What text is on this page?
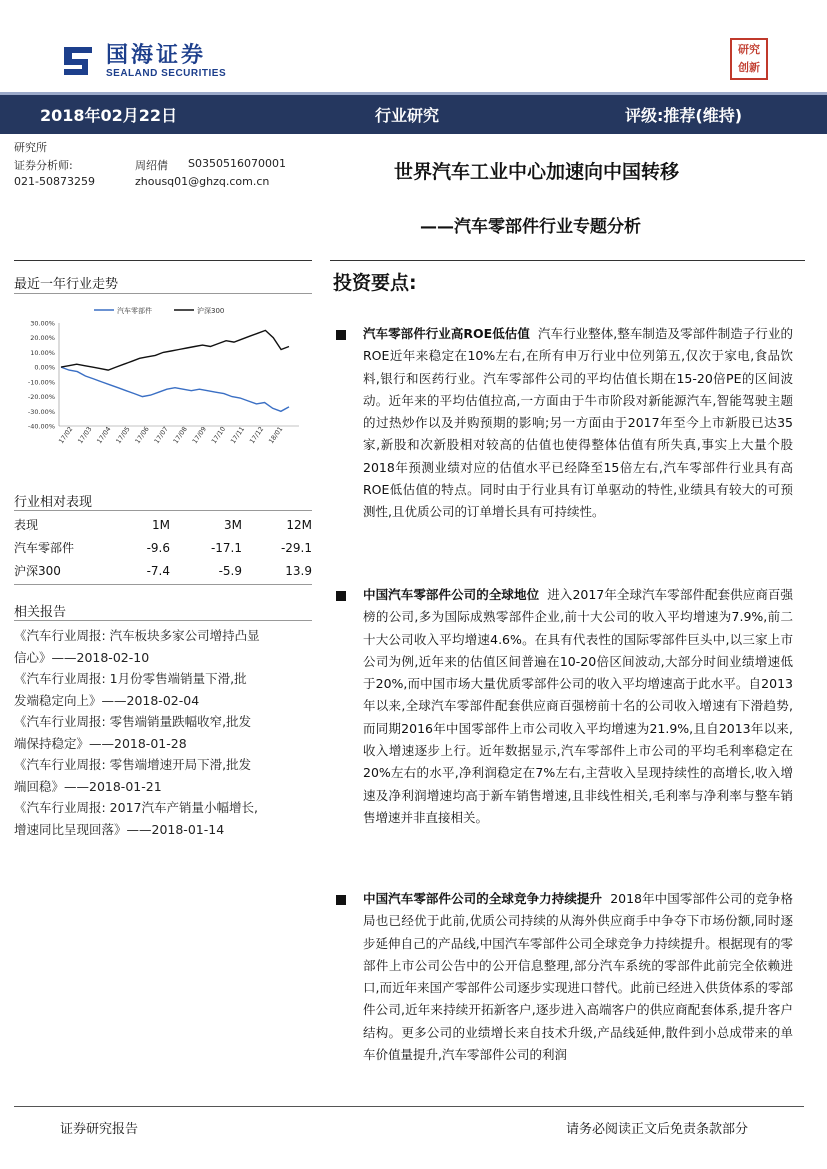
国海证券
SEALAND SECURITIES
研究
创新
2018年02月22日	行业研究	评级:推荐(维持)
研究所
证券分析师:	周绍倩 S0350516070001
021-50873259	zhousq01@ghzq.com.cn	世界汽车工业中心加速向中国转移
——汽车零部件行业专题分析
最近一年行业走势
汽车零部件	沪深300
30.00%
20.00%
10.00%
0.00%
-10.00%
-20.00%
-30.00%
-40.00% 17/02 17/03 17/04 17/05 17/06 17/07 17/08 17/09 17/10 17/11 17/12 18/01
行业相对表现
表现	1M	3M	12M
汽车零部件	-9.6	-17.1	-29.1
沪深300	-7.4	-5.9	13.9
相关报告
《汽车行业周报: 汽车板块多家公司增持凸显
信心》——2018-02-10
《汽车行业周报: 1月份零售端销量下滑,批
发端稳定向上》——2018-02-04
《汽车行业周报: 零售端销量跌幅收窄,批发
端保持稳定》——2018-01-28
《汽车行业周报: 零售端增速开局下滑,批发
端回稳》——2018-01-21
《汽车行业周报: 2017汽车产销量小幅增长,
增速同比呈现回落》——2018-01-14
投资要点:
汽车零部件行业高ROE低估值 汽车行业整体,整车制造及零部件制造子行业的ROE近年来稳定在10%左右,在所有申万行业中位列第五,仅次于家电,食品饮料,银行和医药行业。汽车零部件公司的平均估值长期在15-20倍PE的区间波动。近年来的平均估值拉高,一方面由于牛市阶段对新能源汽车,智能驾驶主题的过热炒作以及并购预期的影响;另一方面由于2017年至今上市新股已达35家,新股和次新股相对较高的估值也使得整体估值有所失真,事实上大量个股2018年预测业绩对应的估值水平已经降至15倍左右,汽车零部件行业具有高ROE低估值的特点。同时由于行业具有订单驱动的特性,业绩具有较大的可预测性,且优质公司的订单增长具有可持续性。
中国汽车零部件公司的全球地位 进入2017年全球汽车零部件配套供应商百强榜的公司,多为国际成熟零部件企业,前十大公司的收入平均增速为7.9%,前二十大公司收入平均增速4.6%。在具有代表性的国际零部件巨头中,以三家上市公司为例,近年来的估值区间普遍在10-20倍区间波动,大部分时间业绩增速低于20%,而中国市场大量优质零部件公司的收入平均增速高于此水平。自2013年以来,全球汽车零部件配套供应商百强榜前十名的公司收入增速有下滑趋势,而同期2016年中国零部件上市公司收入平均增速为21.9%,且自2013年以来,收入增速逐步上行。近年数据显示,汽车零部件上市公司的平均毛利率稳定在20%左右的水平,净利润稳定在7%左右,主营收入呈现持续性的高增长,收入增速及净利润增速均高于新车销售增速,且非线性相关,毛利率与净利率与整车销售增速并非直接相关。
中国汽车零部件公司的全球竞争力持续提升 2018年中国零部件公司的竞争格局也已经优于此前,优质公司持续的从海外供应商手中争夺下市场份额,同时逐步延伸自己的产品线,中国汽车零部件公司全球竞争力持续提升。根据现有的零部件上市公司公告中的公开信息整理,部分汽车系统的零部件此前完全依赖进口,而近年来国产零部件公司逐步实现进口替代。此前已经进入供货体系的零部件公司,近年来持续开拓新客户,逐步进入高端客户的供应商配套体系,提升客户结构。更多公司的业绩增长来自技术升级,产品线延伸,散件到小总成带来的单车价值量提升,汽车零部件公司的利润
证券研究报告	请务必阅读正文后免责条款部分
